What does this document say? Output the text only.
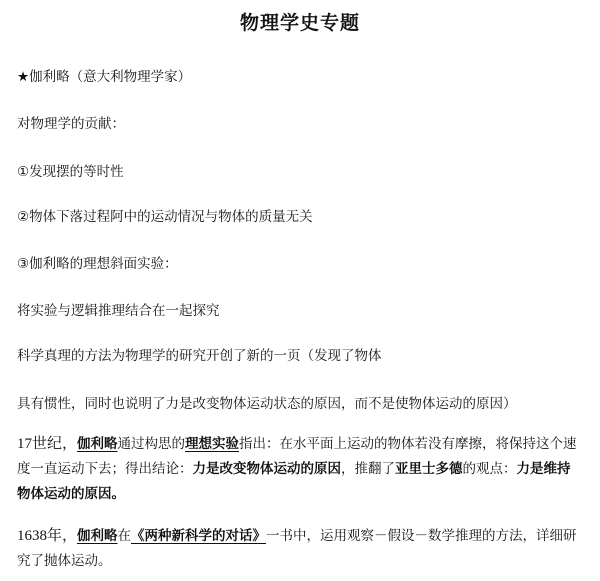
物理学史专题
★伽利略（意大利物理学家）
对物理学的贡献：
①发现摆的等时性
②物体下落过程阿中的运动情况与物体的质量无关
③伽利略的理想斜面实验：
将实验与逻辑推理结合在一起探究
科学真理的方法为物理学的研究开创了新的一页（发现了物体
具有惯性，同时也说明了力是改变物体运动状态的原因，而不是使物体运动的原因）
17世纪，伽利略通过构思的理想实验指出：在水平面上运动的物体若没有摩擦，将保持这个速度一直运动下去；得出结论：力是改变物体运动的原因，推翻了亚里士多德的观点：力是维持物体运动的原因。
1638年，伽利略在《两种新科学的对话》一书中，运用观察－假设－数学推理的方法，详细研究了抛体运动。
